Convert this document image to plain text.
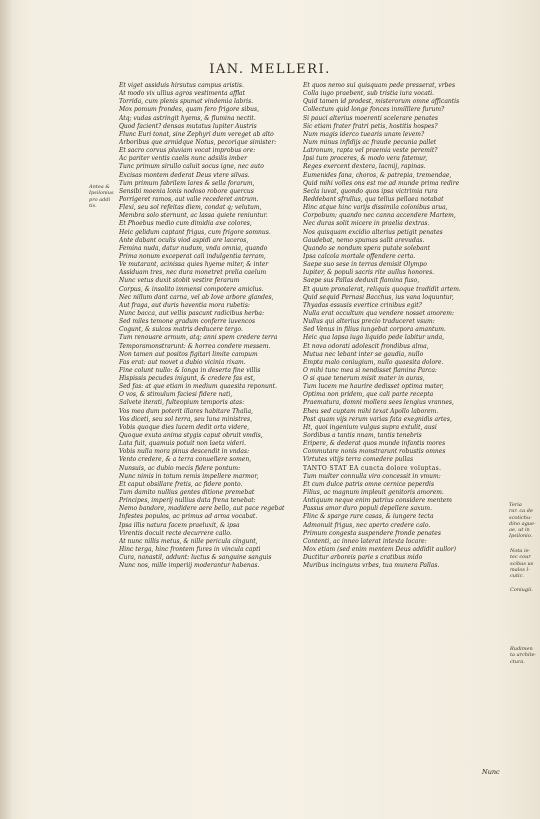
IAN. MELLERI.
Et viget assiduis hirsutus campus aristis.
At modo vix ullius agros vestimenta afflat
Torrida, cum plenis spumat vindemia labris.
Mox pomum frondes, quam fero frigore sibus,
Atq; vudas astringit hyems, & flumina nectit.
Quod facient? densas mutatus lupiter Austris
Flunc Euri tonat, sine Zephyri dum vereget ab alto
Arboribus que armidque Notus, pecorique simister:
Et sacro corvus pluviam vocat improbus ore:
Ac pariter ventis caelis nunc adsilis imber
Tunc primum sirullo caluit socus igne, nec auto
Excisas montem dederat Deus vtere silvas.
Tum primum fabrilem lares & sella forarum,
Sensibi moenia lonis nodoso robore quercus
Porrigeret ramos, aut valle recederet antrum.
Flexi, seu sol refeitas diem, condat q; velutum,
Membra solo sternunt, ac lassa quiete reniuntur.
Et Phoebus medio cum dimidia axe colores,
Heic gelidum captant frigus, cum frigore somnus.
Ante dabant oculis viod aspidi are laceros,
Femina nuda, datur nudum, vnda omnia, quando
Prima nonum exceperat cali indulgentia terram,
Ve mutarant, acinissa quies hyeme miter, & inter
Assiduam tres, nec dura monetret prelia caelum
Nunc vetus duxit stobit vestire ferarum
Corpus, & insolito immensi compotere amiclus.
Nec nillum dant carna, vel ab Iove arbore glandes,
Aut fraga, aut duris haventia mora rubetis:
Nunc bacca, aut vellis pascunt radicibus herba:
Sed miles temone gradum conferre iuvencos
Cogunt, & sulcos matris deducere tergo.
Tum renouare armum, atq; anni spem credere terra
Temporamonstrarunt: & horrea condere messem.
Non tamen aut positos figitari limite campum
Fas erat: aut movet a dubio vicinia rixam.
Fine colunt nullo: & longa in deserta fine villis
Hispissis pecudes inigunt, & credere fas est,
Sed fas: at que etiam in medium quaesita reponunt.
O vos, & stimulum faciesi fidere nati,
Salvete iterati, fulteopium temporis atas:
Vos mea dum poterit illares habitare Thalia,
Vos diceti, seu sol terra, seu luna ministres,
Vobis quoque dies lucem dedit orta videre,
Quoque exuta anima stygis caput obruit vmdis,
Lata fuit, quamuis potuit non laeta videri.
Vobis nulla mora pinus descendit in vndas:
Vento credere, & a terra conuellere somen,
Nunsuis, ac dubio mecis fidere pontum:
Nunc nimis in totum remis impellere marmor,
Et caput obsillare fretis, ac fidere ponto.
Tum damito nullius gentes ditione premebat
Principes, imperij nullius data frena tenebat:
Nemo bandore, madidere aere bello, aut pace regebat
Infestes populos, ac primus ad arma vocabat.
Ipsa illis natura facem praeluxit, & ipsa
Virentis docuit recte decurrere callo.
At nunc nillis metus, & nille pericula cingunt,
Hinc terga, hinc frontem fures in vincula capti
Cura, nanastil, addunt: luctus & sanguine sanguis
Nunc nos, mille imperiij moderantur habenas.
Et quos nemo sui quisquam pede presserat, vrbes
Colla iugo praebent, sub tristia iura vocati.
Quid tamen id prodest, misterorum omne afficantis
Collectum quid longe fonces inmilllere furum?
Si pauci alterius moerenti scelerare penates
Sic etiam frater fratri petis, hostitis hospes?
Num magis iderco tuearis unam levem?
Num minus infidijs ac fraude pecunia pallet
Latronum, rapta vel praemia veste peremit?
Ipsi tum proceres, & modo vera fatemur,
Reges exercent dextera, lacmij, rapinas.
Eumenides fana, choros, & patrepia, tremendae,
Quid mihi volles ons est me ad munde prima redire
Secla iuvat, quondo quos ipsa victrimia rura
Reddebant sfrullus, qua tellus pellaea notabat
Hinc atque hinc varijs dissimila colonibus arua,
Corpobum; quando nec canna accendere Martem,
Nec duras solit micere in praelia dextras.
Nos quisquam excidio alterius petigit penates
Gaudebat, nemo spumas salit arevudas.
Quando se nondum spera putate solebant
Ipsa calcola mortale offendere certa.
Saepe suo sese in terras demisit Olympo
Iupiter, & populi sacris rite aullus honores.
Saepe sus Pallas deduxit flamina fuso,
Et quum pronalerat, reliquis quoque tradidit artem.
Quid sequid Pernasi Bacchus, ius vana loquuntur,
Thyadas essusis evertice crinibus egit?
Nulla erat occultum qua vendere nosset amorem:
Nullus qui alterius precio traduceret vsum:
Sed Venus in filius iungebat corpora amantum.
Heic qua lapsa iugo liquido pede labitur unda,
Et nova odorati adolescit frondibus alma,
Mutua nec lebant inter se gaudia, nullo
Empta malo coniugium, nullo quaesita dolore.
O mihi tunc mea si nendisset flamina Parca:
O si quae tenerum misit mater in auras,
Tum lucem me haurire dedisset optima mater,
Optima non pridem, que cali parte recepta
Praematura, domni mollera sees lengius vrannes,
Eheu sed cuptam mihi texat Apollo laborem.
Post quam vijs rerum varias fata exegnidis artes,
Ht, quoi ingenium vulgus supra extulit, ausi
Sordibus a tantis nnam, tantis tenebris
Eripere, & dederat quos munde infantis mores
Commutare nonis monstrarunt robustis omnes
Virtutes vitijs terra comedere pullas
TANTO STAT EA cuncta dolore voluptas.
Tum multer connulla viro concessit in vmum:
Et cum dulce patris omne cernice peperdis
Filius, ac magnum impleuit genitoris amorem.
Antiquum neque enim patrius considere mentem
Passus amor duro populi depellere saxum.
Flinc & sparge rure casas, & iungere tecta
Admonuit frigus, nec aperto credere calo.
Primum congesta suspendere fronde penates
Contenti, ac inneo laterat intexta locare:
Mox etiam (sed enim mentem Deus addidit aullor)
Ductitur arboreis parie s cratibus mido
Muribus incinguns vrbes, tua munera Pallas.
Antea &
Ipsilonius
pro addi
tis.
Teria
rar. ca de
scotichu-
dino ague-
ae, ut in
Ipsilonio.
Nota ie-
tec cour
scibus us
malos l-
cutic.
Coniugii.
Rudimen
ta archite-
ctura.
Nunc
